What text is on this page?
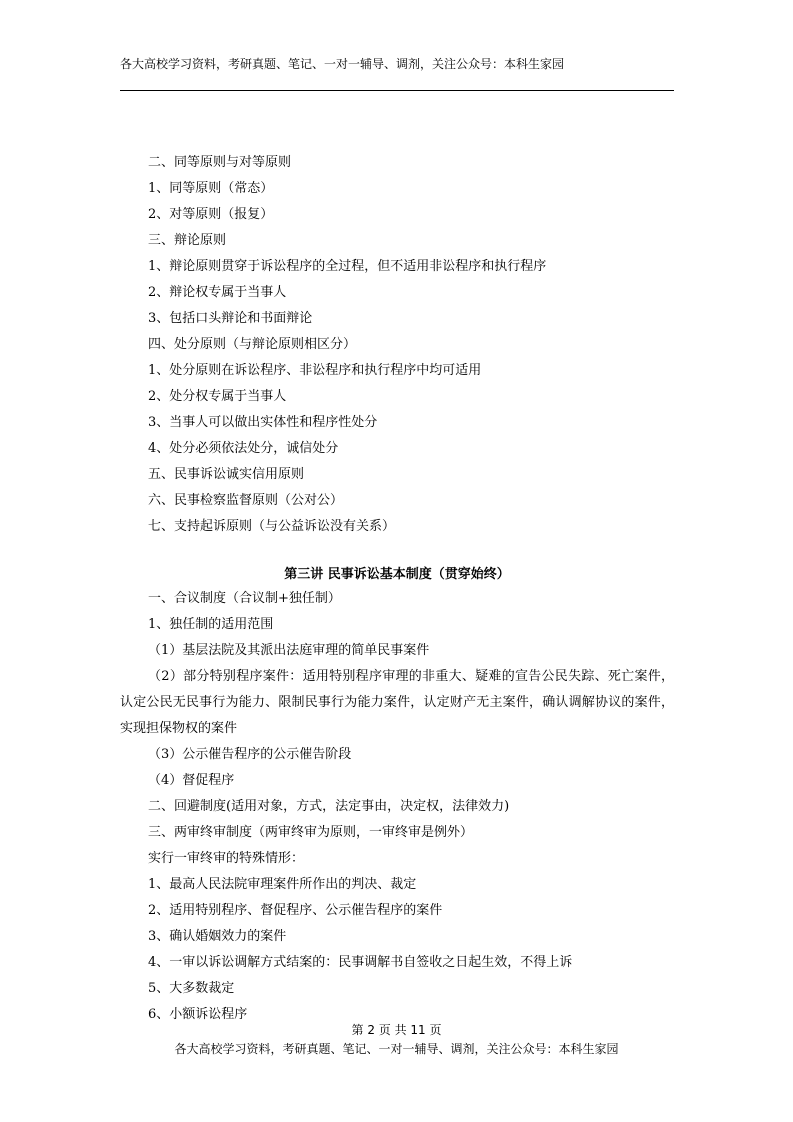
各大高校学习资料，考研真题、笔记、一对一辅导、调剂，关注公众号：本科生家园
二、同等原则与对等原则
1、同等原则（常态）
2、对等原则（报复）
三、辩论原则
1、辩论原则贯穿于诉讼程序的全过程，但不适用非讼程序和执行程序
2、辩论权专属于当事人
3、包括口头辩论和书面辩论
四、处分原则（与辩论原则相区分）
1、处分原则在诉讼程序、非讼程序和执行程序中均可适用
2、处分权专属于当事人
3、当事人可以做出实体性和程序性处分
4、处分必须依法处分，诚信处分
五、民事诉讼诚实信用原则
六、民事检察监督原则（公对公）
七、支持起诉原则（与公益诉讼没有关系）
第三讲 民事诉讼基本制度（贯穿始终）
一、合议制度（合议制+独任制）
1、独任制的适用范围
（1）基层法院及其派出法庭审理的简单民事案件
（2）部分特别程序案件：适用特别程序审理的非重大、疑难的宣告公民失踪、死亡案件，认定公民无民事行为能力、限制民事行为能力案件，认定财产无主案件，确认调解协议的案件，实现担保物权的案件
（3）公示催告程序的公示催告阶段
（4）督促程序
二、回避制度(适用对象，方式，法定事由，决定权，法律效力)
三、两审终审制度（两审终审为原则，一审终审是例外）
实行一审终审的特殊情形：
1、最高人民法院审理案件所作出的判决、裁定
2、适用特别程序、督促程序、公示催告程序的案件
3、确认婚姻效力的案件
4、一审以诉讼调解方式结案的：民事调解书自签收之日起生效，不得上诉
5、大多数裁定
6、小额诉讼程序
第 2 页 共 11 页
各大高校学习资料，考研真题、笔记、一对一辅导、调剂，关注公众号：本科生家园
